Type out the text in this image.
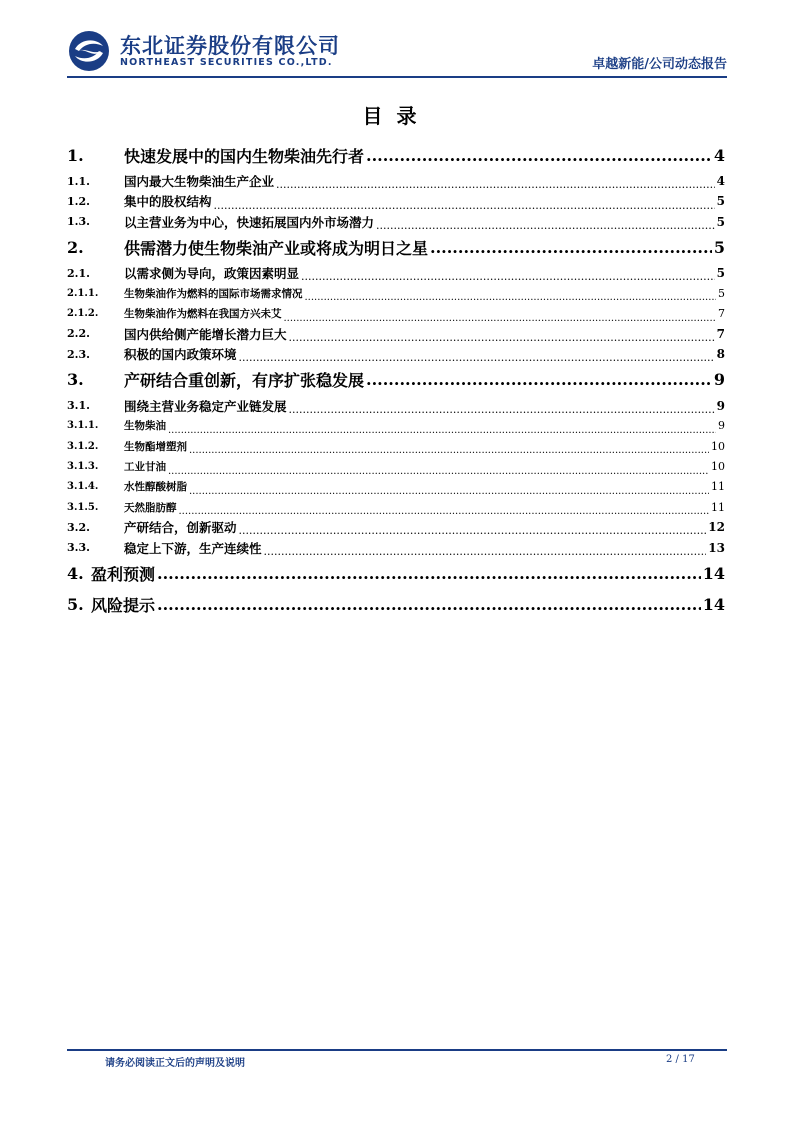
东北证券股份有限公司
NORTHEAST SECURITIES CO.,LTD.	卓越新能/公司动态报告
目录
1.	快速发展中的国内生物柴油先行者 .....	4
1.1.	国内最大生物柴油生产企业 .....	4
1.2.	集中的股权结构 .....	5
1.3.	以主营业务为中心，快速拓展国内外市场潜力 .....	5
2.	供需潜力使生物柴油产业或将成为明日之星 .....	5
2.1.	以需求侧为导向，政策因素明显 .....	5
2.1.1.	生物柴油作为燃料的国际市场需求情况 .....	5
2.1.2.	生物柴油作为燃料在我国方兴未艾 .....	7
2.2.	国内供给侧产能增长潜力巨大 .....	7
2.3.	积极的国内政策环境 .....	8
3.	产研结合重创新，有序扩张稳发展 .....	9
3.1.	围绕主营业务稳定产业链发展 .....	9
3.1.1.	生物柴油 .....	9
3.1.2.	生物酯增塑剂 .....	10
3.1.3.	工业甘油 .....	10
3.1.4.	水性醇酸树脂 .....	11
3.1.5.	天然脂肪醇 .....	11
3.2.	产研结合，创新驱动 .....	12
3.3.	稳定上下游，生产连续性 .....	13
4. 盈利预测 .....	14
5. 风险提示 .....	14
请务必阅读正文后的声明及说明	2 / 17
